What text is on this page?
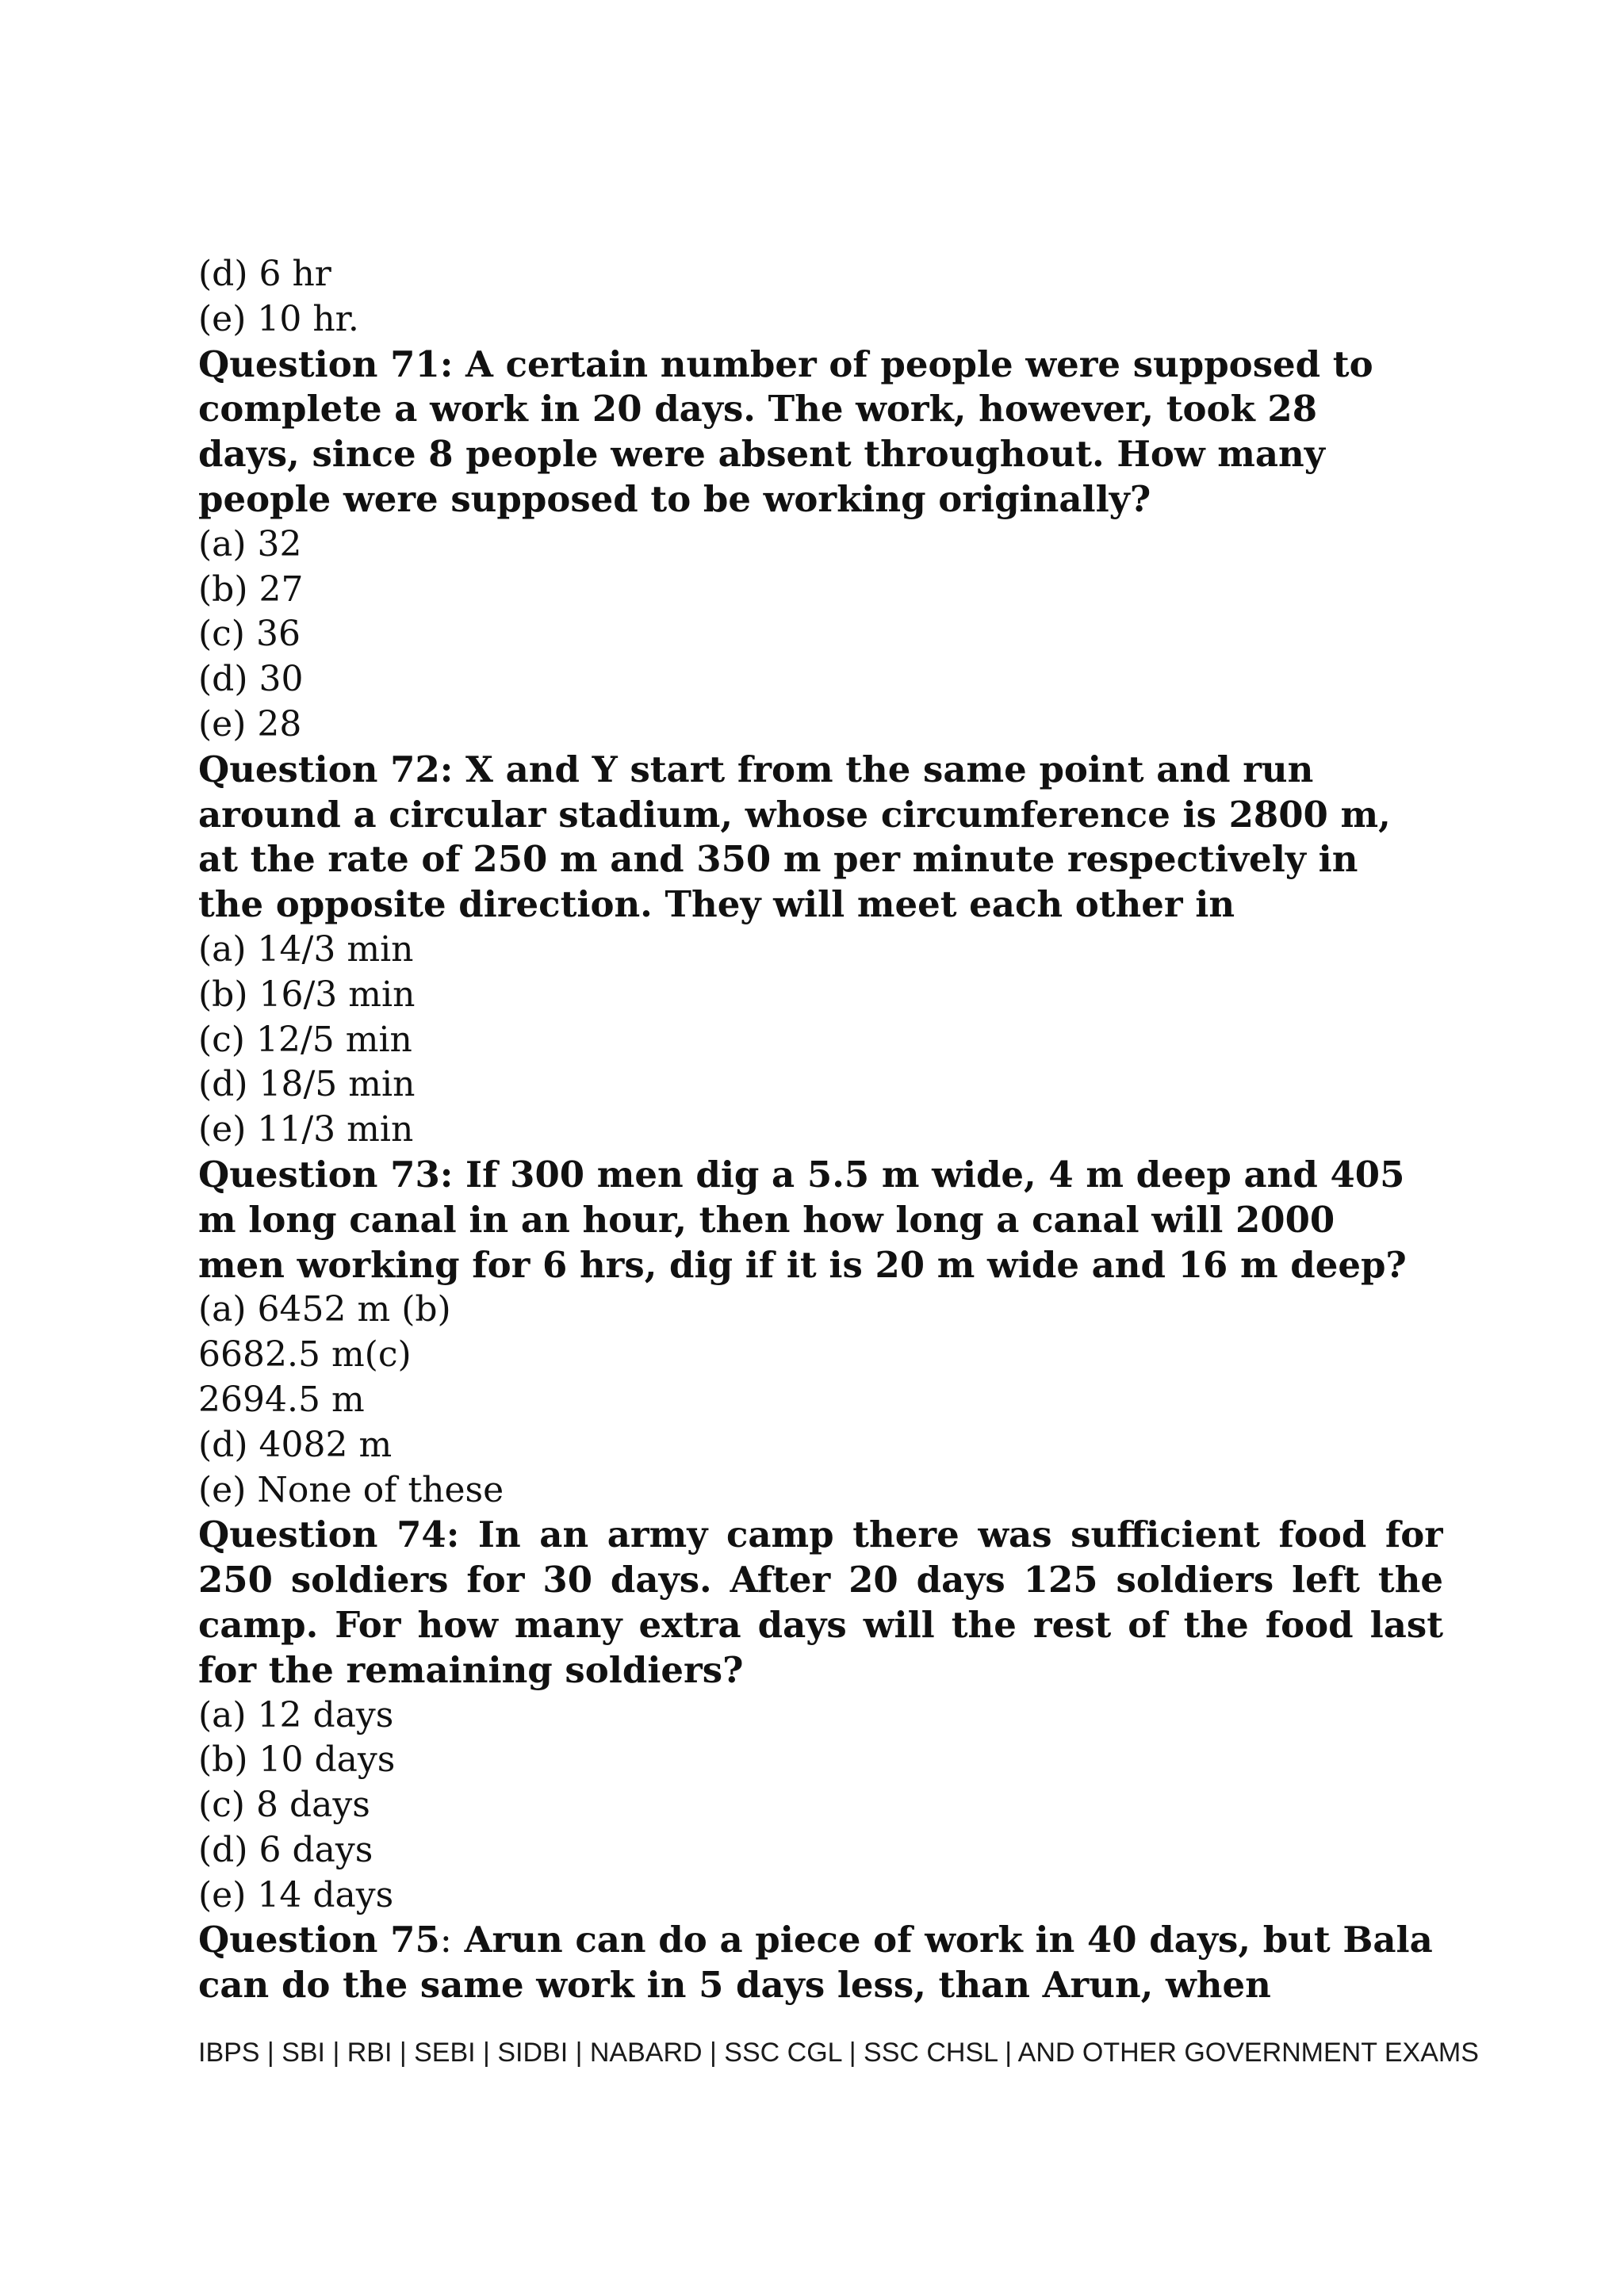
(d) 6 hr
(e) 10 hr.
Question 71: A certain number of people were supposed to
complete a work in 20 days. The work, however, took 28
days, since 8 people were absent throughout. How many
people were supposed to be working originally?
(a) 32
(b) 27
(c) 36
(d) 30
(e) 28
Question 72: X and Y start from the same point and run
around a circular stadium, whose circumference is 2800 m,
at the rate of 250 m and 350 m per minute respectively in
the opposite direction. They will meet each other in
(a) 14/3 min
(b) 16/3 min
(c) 12/5 min
(d) 18/5 min
(e) 11/3 min
Question 73: If 300 men dig a 5.5 m wide, 4 m deep and 405
m long canal in an hour, then how long a canal will 2000
men working for 6 hrs, dig if it is 20 m wide and 16 m deep?
(a) 6452 m (b)
6682.5 m(c)
2694.5 m
(d) 4082 m
(e) None of these
Question 74: In an army camp there was sufficient food for
250 soldiers for 30 days. After 20 days 125 soldiers left the
camp. For how many extra days will the rest of the food last
for the remaining soldiers?
(a) 12 days
(b) 10 days
(c) 8 days
(d) 6 days
(e) 14 days
Question 75: Arun can do a piece of work in 40 days, but Bala
can do the same work in 5 days less, than Arun, when
IBPS | SBI | RBI | SEBI | SIDBI | NABARD | SSC CGL | SSC CHSL | AND OTHER GOVERNMENT EXAMS
